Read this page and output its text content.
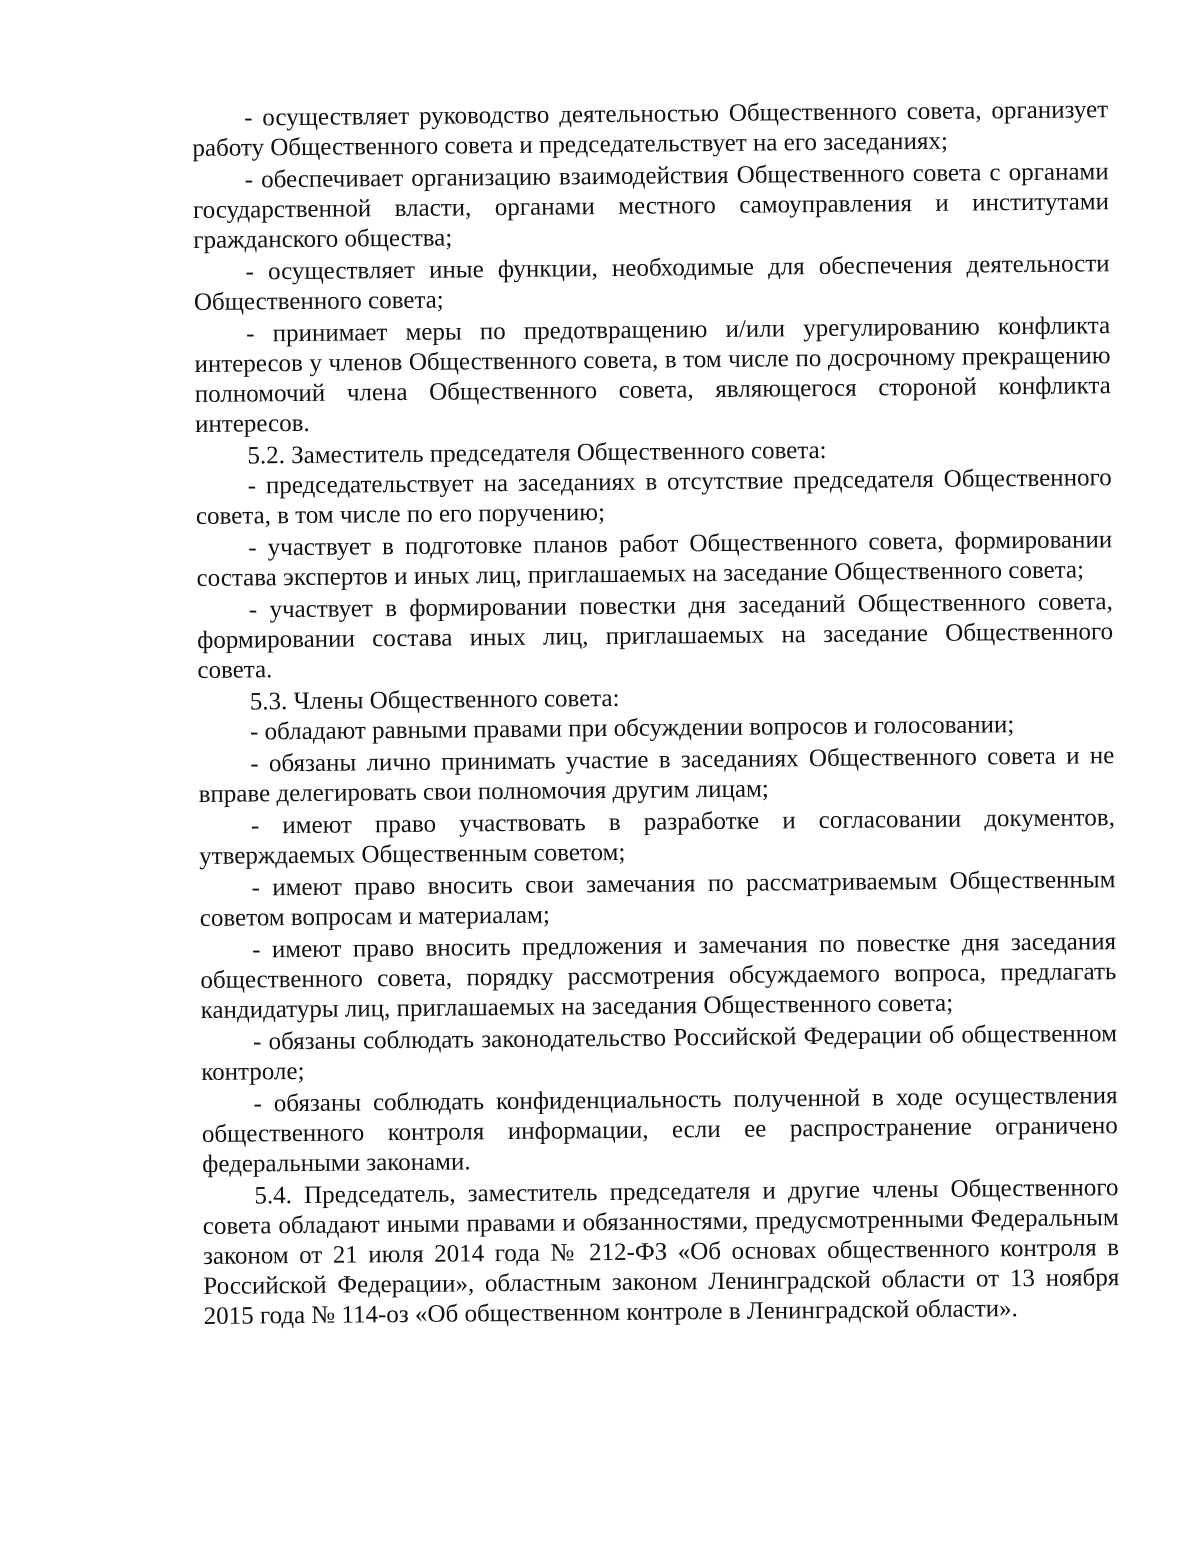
- осуществляет руководство деятельностью Общественного совета, организует работу Общественного совета и председательствует на его заседаниях;

- обеспечивает организацию взаимодействия Общественного совета с органами государственной власти, органами местного самоуправления и институтами гражданского общества;

- осуществляет иные функции, необходимые для обеспечения деятельности Общественного совета;

- принимает меры по предотвращению и/или урегулированию конфликта интересов у членов Общественного совета, в том числе по досрочному прекращению полномочий члена Общественного совета, являющегося стороной конфликта интересов.

5.2. Заместитель председателя Общественного совета:

- председательствует на заседаниях в отсутствие председателя Общественного совета, в том числе по его поручению;

- участвует в подготовке планов работ Общественного совета, формировании состава экспертов и иных лиц, приглашаемых на заседание Общественного совета;

- участвует в формировании повестки дня заседаний Общественного совета, формировании состава иных лиц, приглашаемых на заседание Общественного совета.

5.3. Члены Общественного совета:

- обладают равными правами при обсуждении вопросов и голосовании;

- обязаны лично принимать участие в заседаниях Общественного совета и не вправе делегировать свои полномочия другим лицам;

- имеют право участвовать в разработке и согласовании документов, утверждаемых Общественным советом;

- имеют право вносить свои замечания по рассматриваемым Общественным советом вопросам и материалам;

- имеют право вносить предложения и замечания по повестке дня заседания общественного совета, порядку рассмотрения обсуждаемого вопроса, предлагать кандидатуры лиц, приглашаемых на заседания Общественного совета;

- обязаны соблюдать законодательство Российской Федерации об общественном контроле;

- обязаны соблюдать конфиденциальность полученной в ходе осуществления общественного контроля информации, если ее распространение ограничено федеральными законами.

5.4. Председатель, заместитель председателя и другие члены Общественного совета обладают иными правами и обязанностями, предусмотренными Федеральным законом от 21 июля 2014 года № 212-ФЗ «Об основах общественного контроля в Российской Федерации», областным законом Ленинградской области от 13 ноября 2015 года № 114-оз «Об общественном контроле в Ленинградской области».
